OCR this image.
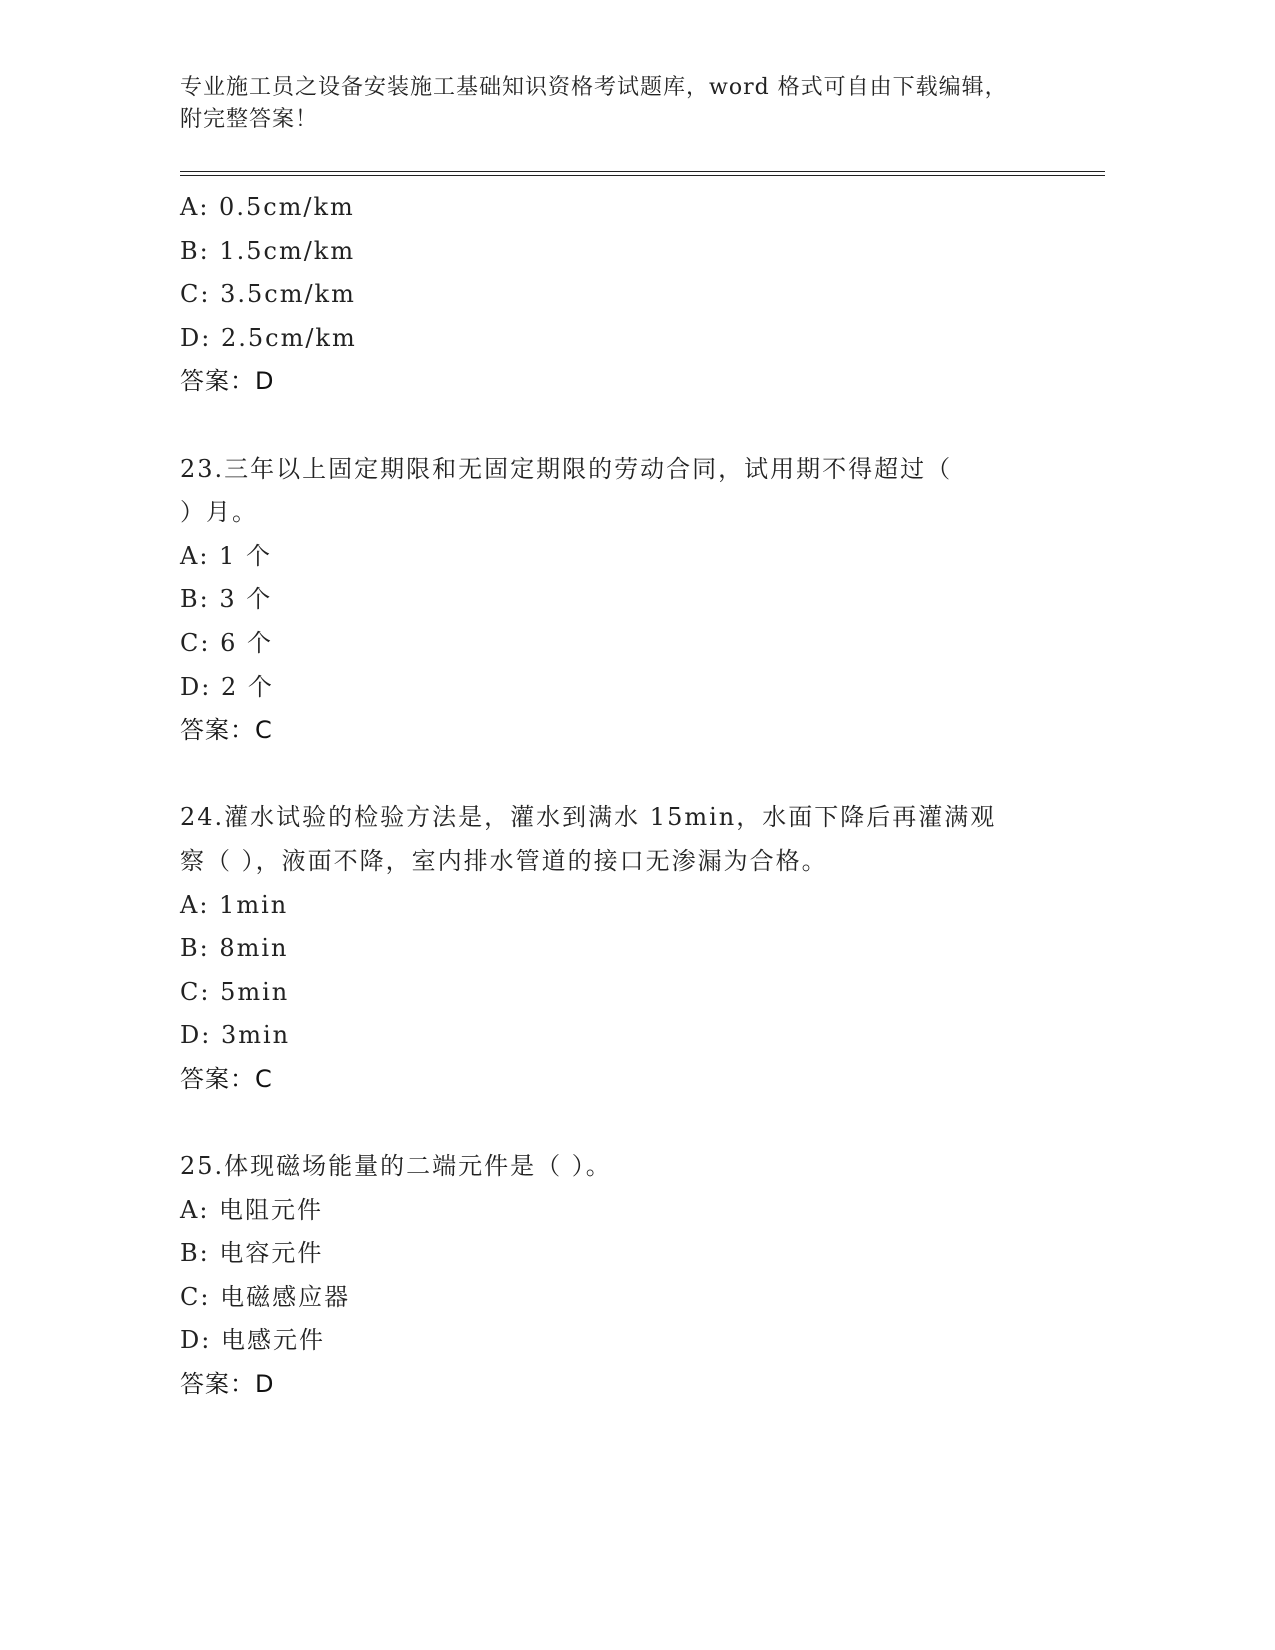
专业施工员之设备安装施工基础知识资格考试题库，word 格式可自由下载编辑，
附完整答案！
A: 0.5cm/km
B: 1.5cm/km
C: 3.5cm/km
D: 2.5cm/km
答案：D
23.三年以上固定期限和无固定期限的劳动合同，试用期不得超过（
）月。
A: 1 个
B: 3 个
C: 6 个
D: 2 个
答案：C
24.灌水试验的检验方法是，灌水到满水 15min，水面下降后再灌满观
察（ ），液面不降，室内排水管道的接口无渗漏为合格。
A: 1min
B: 8min
C: 5min
D: 3min
答案：C
25.体现磁场能量的二端元件是（ ）。
A: 电阻元件
B: 电容元件
C: 电磁感应器
D: 电感元件
答案：D
